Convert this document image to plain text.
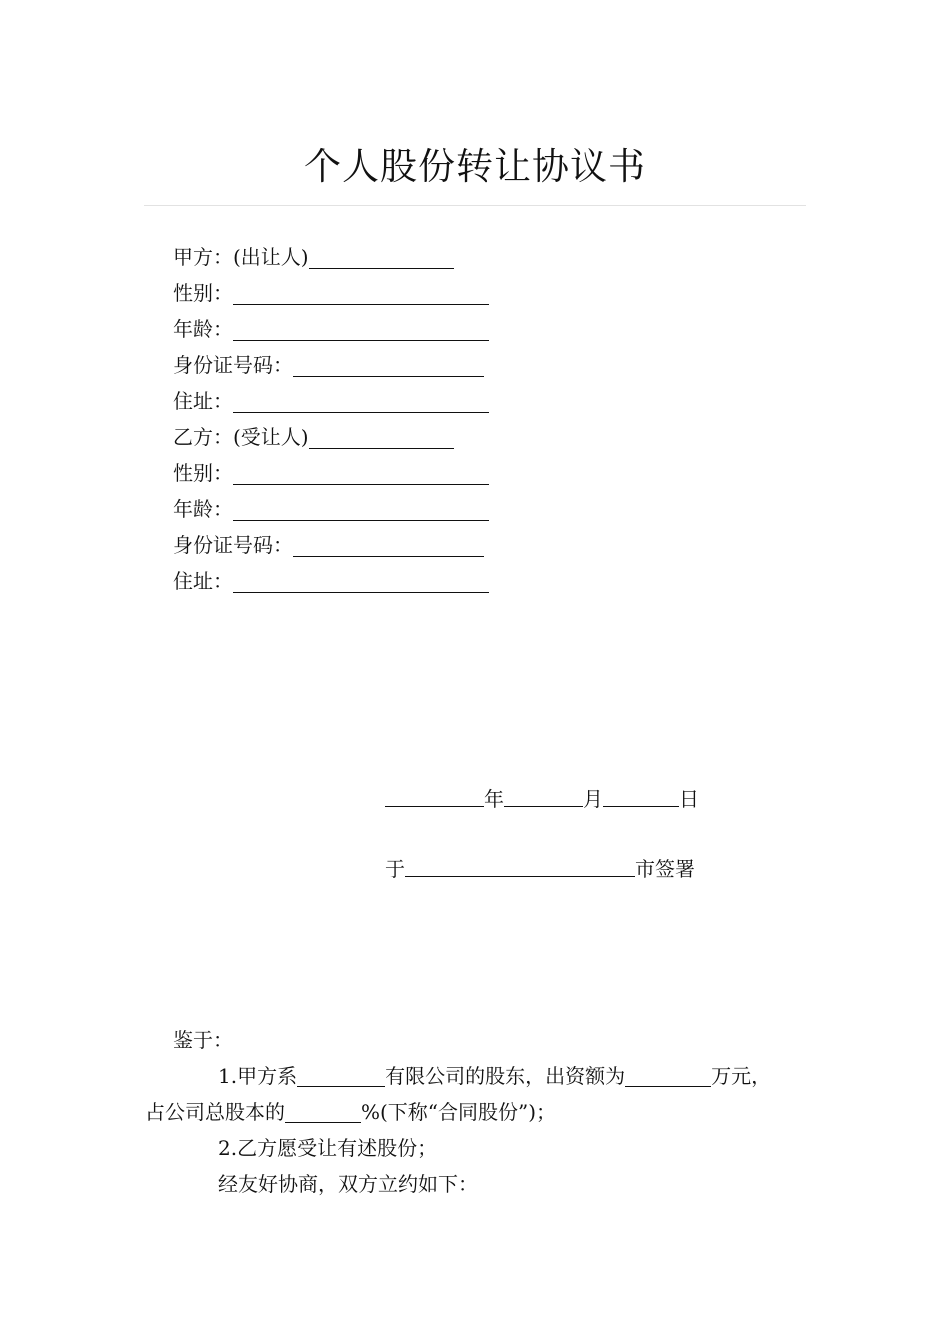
个人股份转让协议书
甲方：(出让人)
性别：
年龄：
身份证号码：
住址：
乙方：(受让人)
性别：
年龄：
身份证号码：
住址：
年	月	日
于	市签署
鉴于：
1.甲方系	有限公司的股东，出资额为	万元，
占公司总股本的	%(下称“合同股份”)；
2.乙方愿受让有述股份；
经友好协商，双方立约如下：
